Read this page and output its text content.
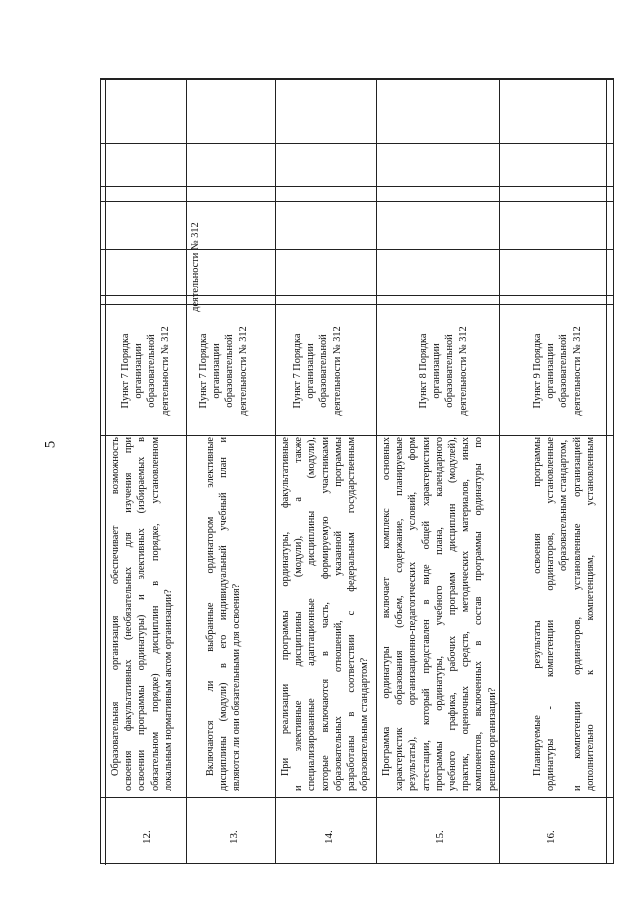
5
деятельности № 312
12.
Образовательная организация обеспечивает возможность освоения факультативных (необязательных для изучения при освоении программы ординатуры) и элективных (избираемых в обязательном порядке) дисциплин в порядке, установленном локальным нормативным актом организации?
Пункт 7 Порядка организации образовательной деятельности № 312
13.
Включаются ли выбранные ординатором элективные дисциплины (модули) в его индивидуальный учебный план и являются ли они обязательными для освоения?
Пункт 7 Порядка организации образовательной деятельности № 312
14.
При реализации программы ординатуры, факультативные и элективные дисциплины (модули), а также специализированные адаптационные дисциплины (модули), которые включаются в часть, формируемую участниками образовательных отношений, указанной программы разработаны в соответствии с федеральным государственным образовательным стандартом?
Пункт 7 Порядка организации образовательной деятельности № 312
15.
Программа ординатуры включает комплекс основных характеристик образования (объем, содержание, планируемые результаты), организационно-педагогических условий, форм аттестации, который представлен в виде общей характеристики программы ординатуры, учебного плана, календарного учебного графика, рабочих программ дисциплин (модулей), практик, оценочных средств, методических материалов, иных компонентов, включенных в состав программы ординатуры по решению организации?
Пункт 8 Порядка организации образовательной деятельности № 312
16.
Планируемые результаты освоения программы ординатуры - компетенции ординаторов, установленные образовательным стандартом, и компетенции ординаторов, установленные организацией дополнительно к компетенциям, установленным
Пункт 9 Порядка организации образовательной деятельности № 312
